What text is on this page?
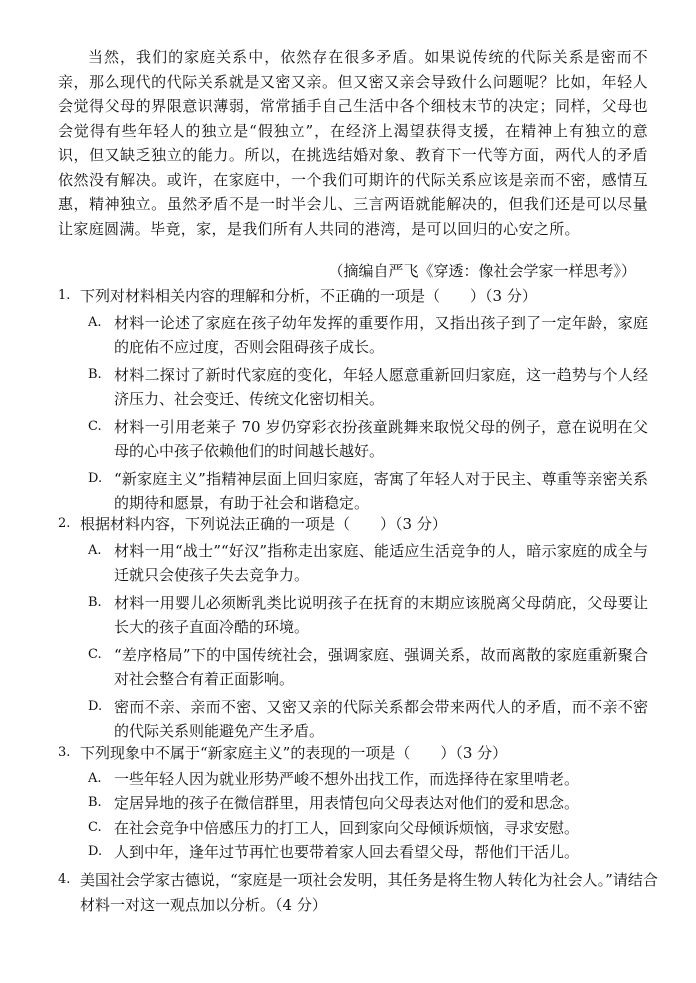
当然，我们的家庭关系中，依然存在很多矛盾。如果说传统的代际关系是密而不亲，那么现代的代际关系就是又密又亲。但又密又亲会导致什么问题呢？比如，年轻人会觉得父母的界限意识薄弱，常常插手自己生活中各个细枝末节的决定；同样，父母也会觉得有些年轻人的独立是“假独立”，在经济上渴望获得支援，在精神上有独立的意识，但又缺乏独立的能力。所以，在挑选结婚对象、教育下一代等方面，两代人的矛盾依然没有解决。或许，在家庭中，一个我们可期许的代际关系应该是亲而不密，感情互惠，精神独立。虽然矛盾不是一时半会儿、三言两语就能解决的，但我们还是可以尽量让家庭圆满。毕竟，家，是我们所有人共同的港湾，是可以回归的心安之所。

（摘编自严飞《穿透：像社会学家一样思考》）
1. 下列对材料相关内容的理解和分析，不正确的一项是（　　）（3 分）
A. 材料一论述了家庭在孩子幼年发挥的重要作用，又指出孩子到了一定年龄，家庭的庇佑不应过度，否则会阻碍孩子成长。
B. 材料二探讨了新时代家庭的变化，年轻人愿意重新回归家庭，这一趋势与个人经济压力、社会变迁、传统文化密切相关。
C. 材料一引用老莱子 70 岁仍穿彩衣扮孩童跳舞来取悦父母的例子，意在说明在父母的心中孩子依赖他们的时间越长越好。
D. “新家庭主义”指精神层面上回归家庭，寄寓了年轻人对于民主、尊重等亲密关系的期待和愿景，有助于社会和谐稳定。
2. 根据材料内容，下列说法正确的一项是（　　）（3 分）
A. 材料一用“战士”“好汉”指称走出家庭、能适应生活竞争的人，暗示家庭的成全与迁就只会使孩子失去竞争力。
B. 材料一用婴儿必须断乳类比说明孩子在抚育的末期应该脱离父母荫庇，父母要让长大的孩子直面冷酷的环境。
C. “差序格局”下的中国传统社会，强调家庭、强调关系，故而离散的家庭重新聚合对社会整合有着正面影响。
D. 密而不亲、亲而不密、又密又亲的代际关系都会带来两代人的矛盾，而不亲不密的代际关系则能避免产生矛盾。
3. 下列现象中不属于“新家庭主义”的表现的一项是（　　）（3 分）
A. 一些年轻人因为就业形势严峻不想外出找工作，而选择待在家里啃老。
B. 定居异地的孩子在微信群里，用表情包向父母表达对他们的爱和思念。
C. 在社会竞争中倍感压力的打工人，回到家向父母倾诉烦恼，寻求安慰。
D. 人到中年，逢年过节再忙也要带着家人回去看望父母，帮他们干活儿。
4. 美国社会学家古德说，“家庭是一项社会发明，其任务是将生物人转化为社会人。”请结合材料一对这一观点加以分析。（4 分）
